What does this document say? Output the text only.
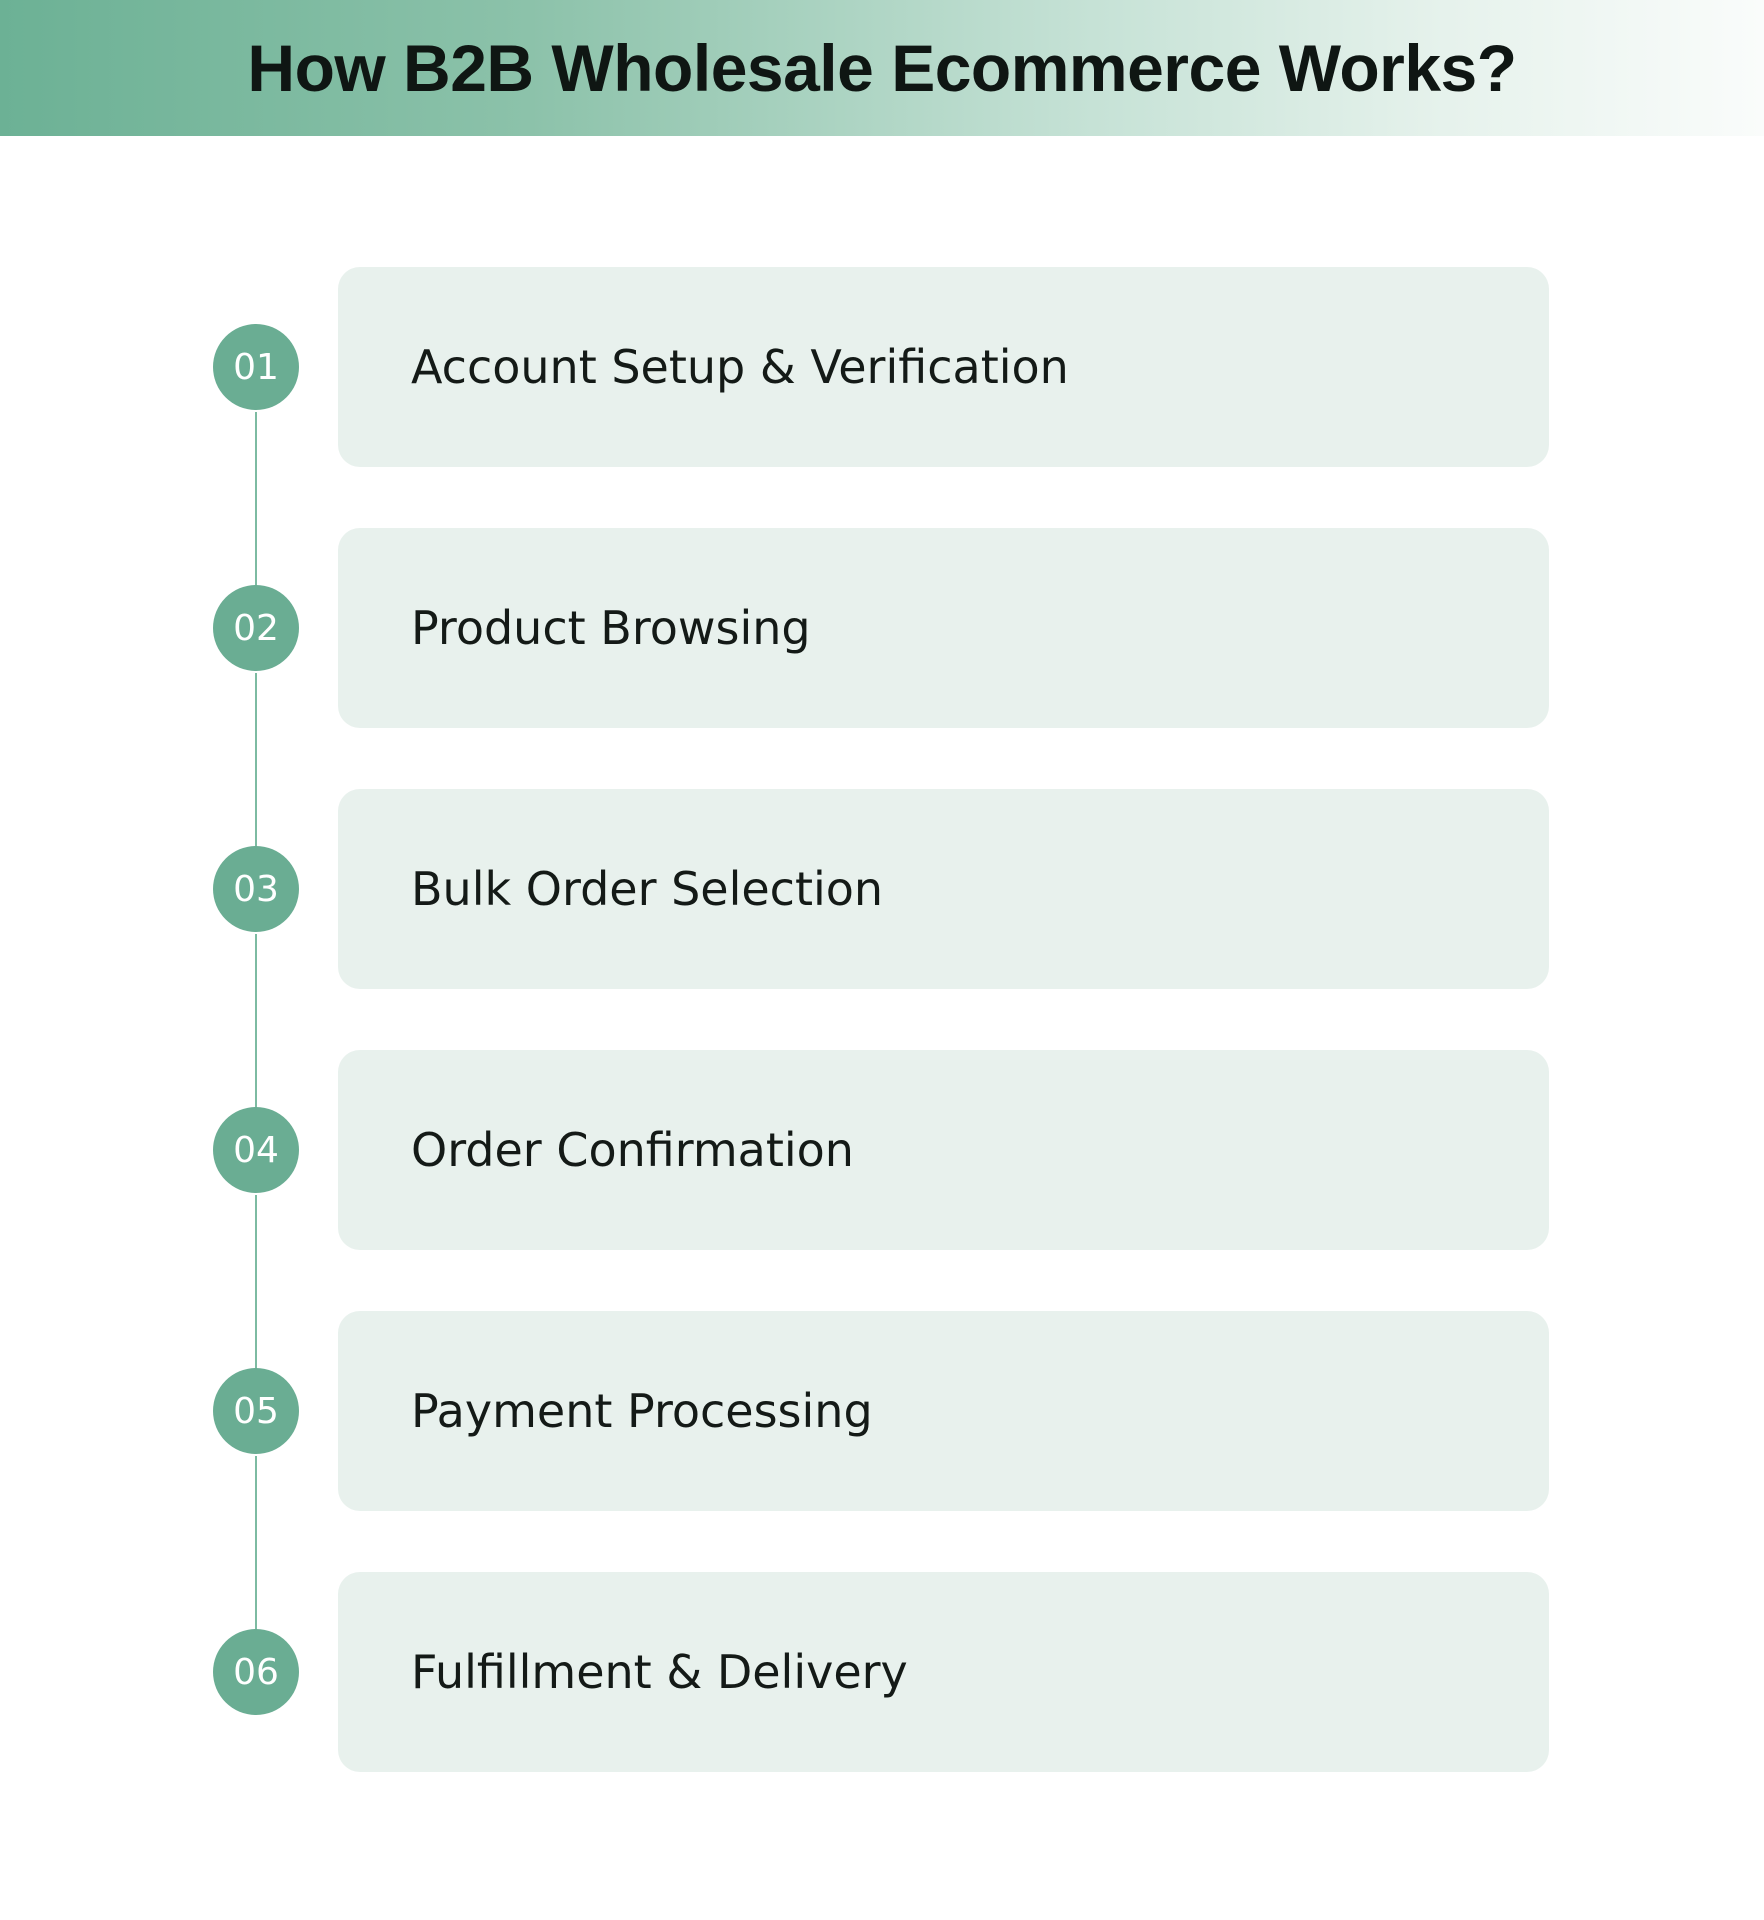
How B2B Wholesale Ecommerce Works?
01	Account Setup & Verification
02	Product Browsing
03	Bulk Order Selection
04	Order Confirmation
05	Payment Processing
06	Fulfillment & Delivery
